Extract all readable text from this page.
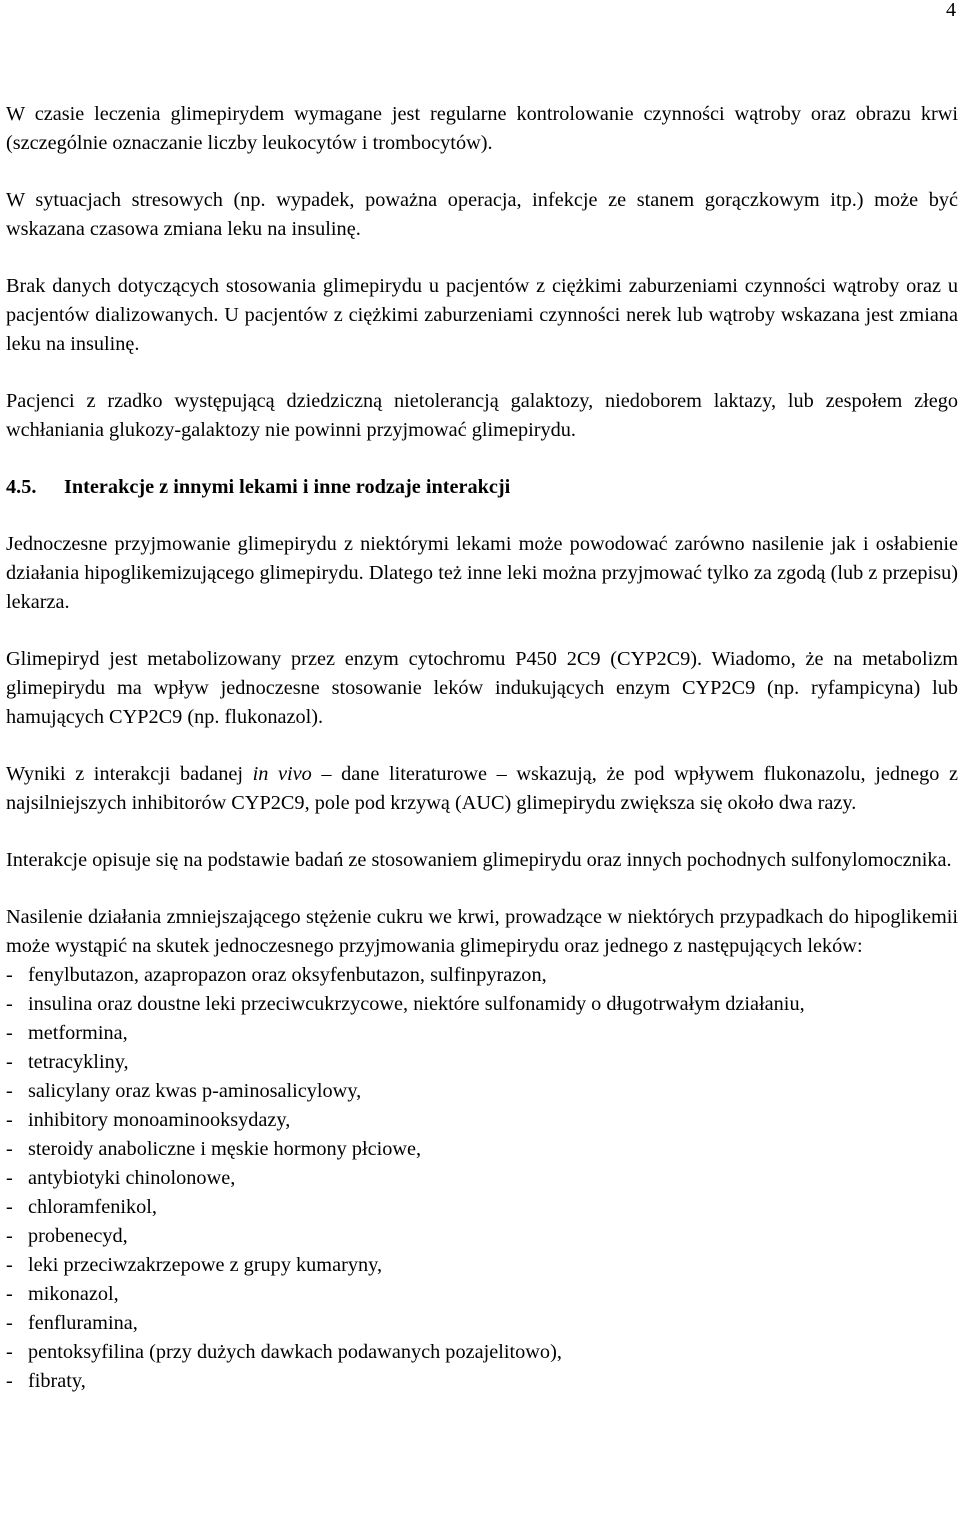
4

W czasie leczenia glimepirydem wymagane jest regularne kontrolowanie czynności wątroby oraz obrazu krwi (szczególnie oznaczanie liczby leukocytów i trombocytów).

W sytuacjach stresowych (np. wypadek, poważna operacja, infekcje ze stanem gorączkowym itp.) może być wskazana czasowa zmiana leku na insulinę.

Brak danych dotyczących stosowania glimepirydu u pacjentów z ciężkimi zaburzeniami czynności wątroby oraz u pacjentów dializowanych. U pacjentów z ciężkimi zaburzeniami czynności nerek lub wątroby wskazana jest zmiana leku na insulinę.

Pacjenci z rzadko występującą dziedziczną nietolerancją galaktozy, niedoborem laktazy, lub zespołem złego wchłaniania glukozy-galaktozy nie powinni przyjmować glimepirydu.

4.5. Interakcje z innymi lekami i inne rodzaje interakcji

Jednoczesne przyjmowanie glimepirydu z niektórymi lekami może powodować zarówno nasilenie jak i osłabienie działania hipoglikemizującego glimepirydu. Dlatego też inne leki można przyjmować tylko za zgodą (lub z przepisu) lekarza.

Glimepiryd jest metabolizowany przez enzym cytochromu P450 2C9 (CYP2C9). Wiadomo, że na metabolizm glimepirydu ma wpływ jednoczesne stosowanie leków indukujących enzym CYP2C9 (np. ryfampicyna) lub hamujących CYP2C9 (np. flukonazol).

Wyniki z interakcji badanej in vivo – dane literaturowe – wskazują, że pod wpływem flukonazolu, jednego z najsilniejszych inhibitorów CYP2C9, pole pod krzywą (AUC) glimepirydu zwiększa się około dwa razy.

Interakcje opisuje się na podstawie badań ze stosowaniem glimepirydu oraz innych pochodnych sulfonylomocznika.

Nasilenie działania zmniejszającego stężenie cukru we krwi, prowadzące w niektórych przypadkach do hipoglikemii może wystąpić na skutek jednoczesnego przyjmowania glimepirydu oraz jednego z następujących leków:

- fenylbutazon, azapropazon oraz oksyfenbutazon, sulfinpyrazon,
- insulina oraz doustne leki przeciwcukrzycowe, niektóre sulfonamidy o długotrwałym działaniu,
- metformina,
- tetracykliny,
- salicylany oraz kwas p-aminosalicylowy,
- inhibitory monoaminooksydazy,
- steroidy anaboliczne i męskie hormony płciowe,
- antybiotyki chinolonowe,
- chloramfenikol,
- probenecyd,
- leki przeciwzakrzepowe z grupy kumaryny,
- mikonazol,
- fenfluramina,
- pentoksyfilina (przy dużych dawkach podawanych pozajelitowo),
- fibraty,
